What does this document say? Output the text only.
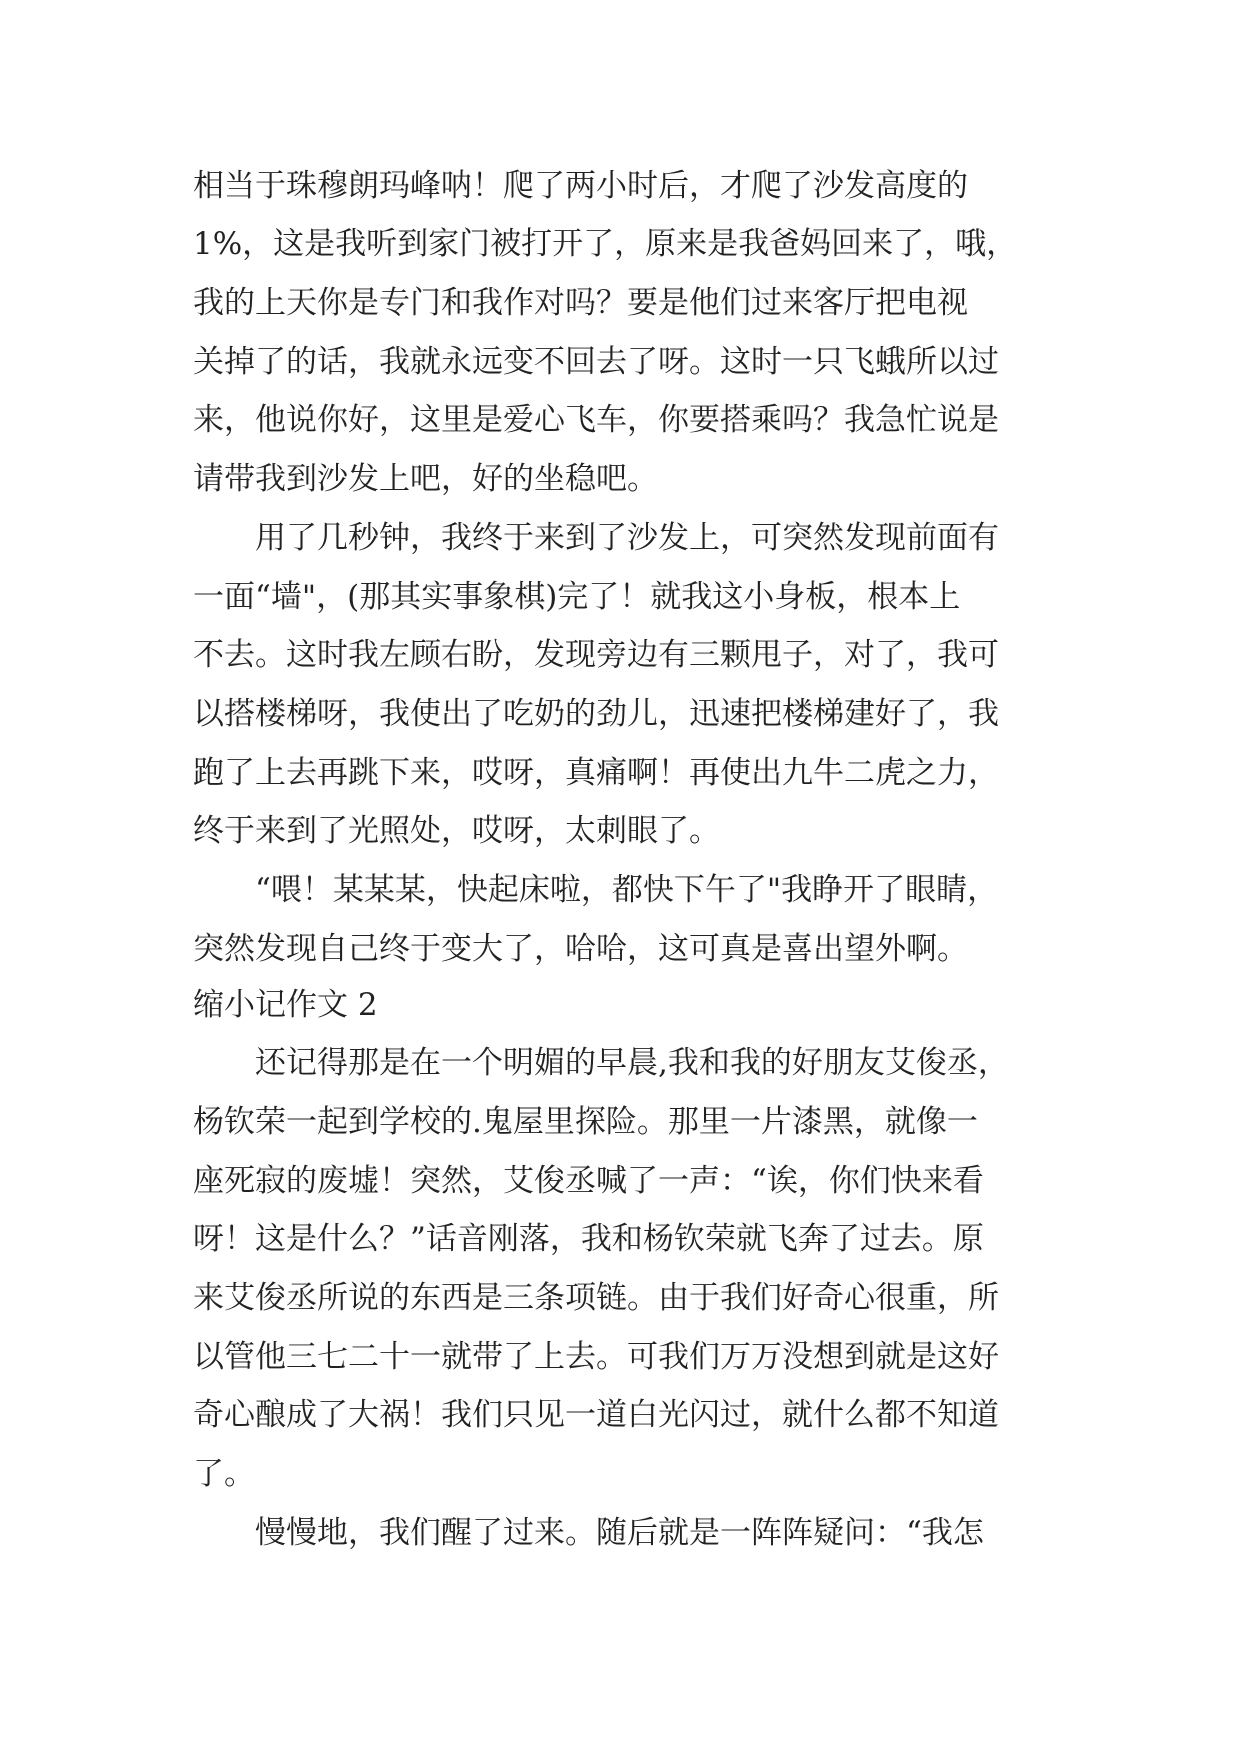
相当于珠穆朗玛峰呐！爬了两小时后，才爬了沙发高度的
1%，这是我听到家门被打开了，原来是我爸妈回来了，哦，
我的上天你是专门和我作对吗？要是他们过来客厅把电视
关掉了的话，我就永远变不回去了呀。这时一只飞蛾所以过
来，他说你好，这里是爱心飞车，你要搭乘吗？我急忙说是
请带我到沙发上吧，好的坐稳吧。
用了几秒钟，我终于来到了沙发上，可突然发现前面有
一面“墙"，(那其实事象棋)完了！就我这小身板，根本上
不去。这时我左顾右盼，发现旁边有三颗甩子，对了，我可
以搭楼梯呀，我使出了吃奶的劲儿，迅速把楼梯建好了，我
跑了上去再跳下来，哎呀，真痛啊！再使出九牛二虎之力，
终于来到了光照处，哎呀，太刺眼了。
“喂！某某某，快起床啦，都快下午了"我睁开了眼睛，
突然发现自己终于变大了，哈哈，这可真是喜出望外啊。
缩小记作文 2
还记得那是在一个明媚的早晨,我和我的好朋友艾俊丞，
杨钦荣一起到学校的.鬼屋里探险。那里一片漆黑，就像一
座死寂的废墟！突然，艾俊丞喊了一声：“诶，你们快来看
呀！这是什么？”话音刚落，我和杨钦荣就飞奔了过去。原
来艾俊丞所说的东西是三条项链。由于我们好奇心很重，所
以管他三七二十一就带了上去。可我们万万没想到就是这好
奇心酿成了大祸！我们只见一道白光闪过，就什么都不知道
了。
慢慢地，我们醒了过来。随后就是一阵阵疑问：“我怎
